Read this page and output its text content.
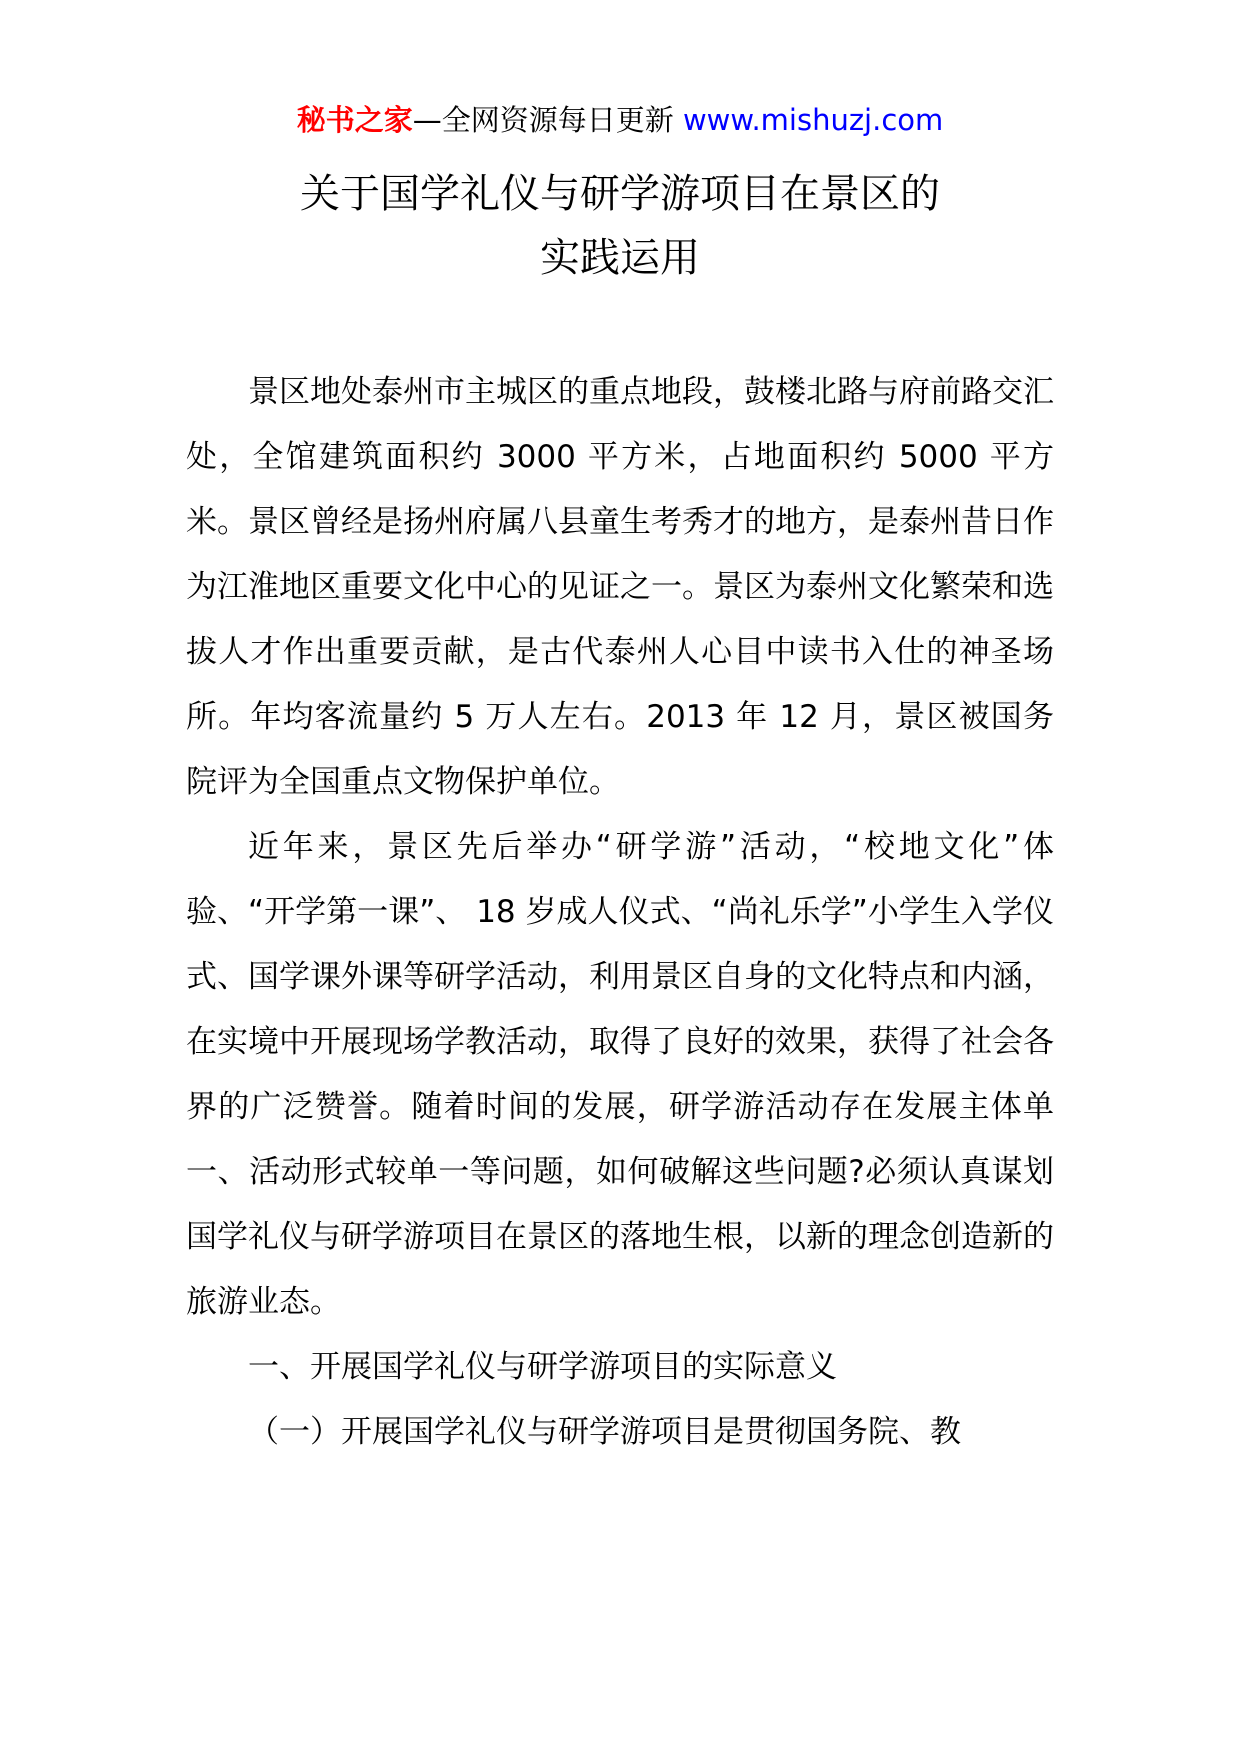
秘书之家—全网资源每日更新 www.mishuzj.com
关于国学礼仪与研学游项目在景区的
实践运用

景区地处泰州市主城区的重点地段，鼓楼北路与府前路交汇处，全馆建筑面积约 3000 平方米，占地面积约 5000 平方米。景区曾经是扬州府属八县童生考秀才的地方，是泰州昔日作为江淮地区重要文化中心的见证之一。景区为泰州文化繁荣和选拔人才作出重要贡献，是古代泰州人心目中读书入仕的神圣场所。年均客流量约 5 万人左右。2013 年 12 月，景区被国务院评为全国重点文物保护单位。

近年来，景区先后举办“研学游”活动，“校地文化”体验、“开学第一课”、 18 岁成人仪式、“尚礼乐学”小学生入学仪式、国学课外课等研学活动，利用景区自身的文化特点和内涵，在实境中开展现场学教活动，取得了良好的效果，获得了社会各界的广泛赞誉。随着时间的发展，研学游活动存在发展主体单一、活动形式较单一等问题，如何破解这些问题?必须认真谋划国学礼仪与研学游项目在景区的落地生根，以新的理念创造新的旅游业态。

一、开展国学礼仪与研学游项目的实际意义

（一）开展国学礼仪与研学游项目是贯彻国务院、教
